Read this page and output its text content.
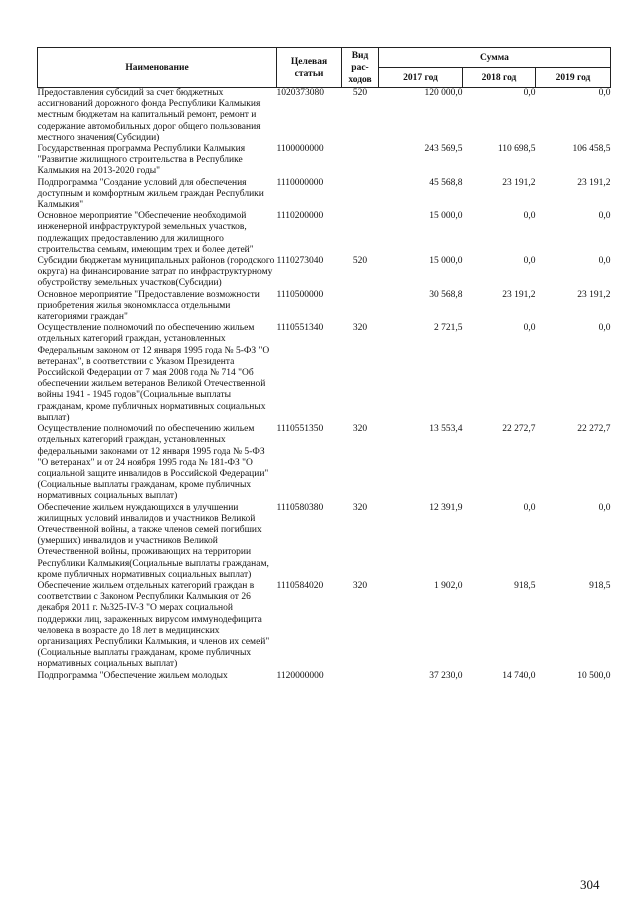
Наименование	Целевая статьи	Вид рас-ходов	Сумма		
			2017 год	2018 год	2019 год
Предоставления субсидий за счет бюджетных ассигнований дорожного фонда Республики Калмыкия местным бюджетам на капитальный ремонт, ремонт и содержание автомобильных дорог общего пользования местного значения(Субсидии)	1020373080	520	120 000,0	0,0	0,0
Государственная программа Республики Калмыкия "Развитие жилищного строительства в Республике Калмыкия на 2013-2020 годы"	1100000000		243 569,5	110 698,5	106 458,5
Подпрограмма "Создание условий для обеспечения доступным и комфортным жильем граждан Республики Калмыкия"	1110000000		45 568,8	23 191,2	23 191,2
Основное мероприятие "Обеспечение необходимой инженерной инфраструктурой земельных участков, подлежащих предоставлению для жилищного строительства семьям, имеющим трех и более детей"	1110200000		15 000,0	0,0	0,0
Субсидии бюджетам муниципальных районов (городского округа) на финансирование затрат по инфраструктурному обустройству земельных участков(Субсидии)	1110273040	520	15 000,0	0,0	0,0
Основное мероприятие "Предоставление возможности приобретения жилья экономкласса отдельными категориями граждан"	1110500000		30 568,8	23 191,2	23 191,2
Осуществление полномочий по обеспечению жильем отдельных категорий граждан, установленных Федеральным законом от 12 января 1995 года № 5-ФЗ "О ветеранах", в соответствии с Указом Президента Российской Федерации от 7 мая 2008 года № 714 "Об обеспечении жильем ветеранов Великой Отечественной войны 1941 - 1945 годов"(Социальные выплаты гражданам, кроме публичных нормативных социальных выплат)	1110551340	320	2 721,5	0,0	0,0
Осуществление полномочий по обеспечению жильем отдельных категорий граждан, установленных федеральными законами от 12 января 1995 года № 5-ФЗ "О ветеранах" и от 24 ноября 1995 года № 181-ФЗ "О социальной защите инвалидов в Российской Федерации"(Социальные выплаты гражданам, кроме публичных нормативных социальных выплат)	1110551350	320	13 553,4	22 272,7	22 272,7
Обеспечение жильем нуждающихся в улучшении жилищных условий инвалидов и участников Великой Отечественной войны, а также членов семей погибших (умерших) инвалидов и участников Великой Отечественной войны, проживающих на территории Республики Калмыкия(Социальные выплаты гражданам, кроме публичных нормативных социальных выплат)	1110580380	320	12 391,9	0,0	0,0
Обеспечение жильем отдельных категорий граждан в соответствии с Законом Республики Калмыкия от 26 декабря 2011 г. №325-IV-З "О мерах социальной поддержки лиц, зараженных вирусом иммунодефицита человека в возрасте до 18 лет в медицинских организациях Республики Калмыкия, и членов их семей"(Социальные выплаты гражданам, кроме публичных нормативных социальных выплат)	1110584020	320	1 902,0	918,5	918,5
Подпрограмма "Обеспечение жильем молодых	1120000000		37 230,0	14 740,0	10 500,0
304
